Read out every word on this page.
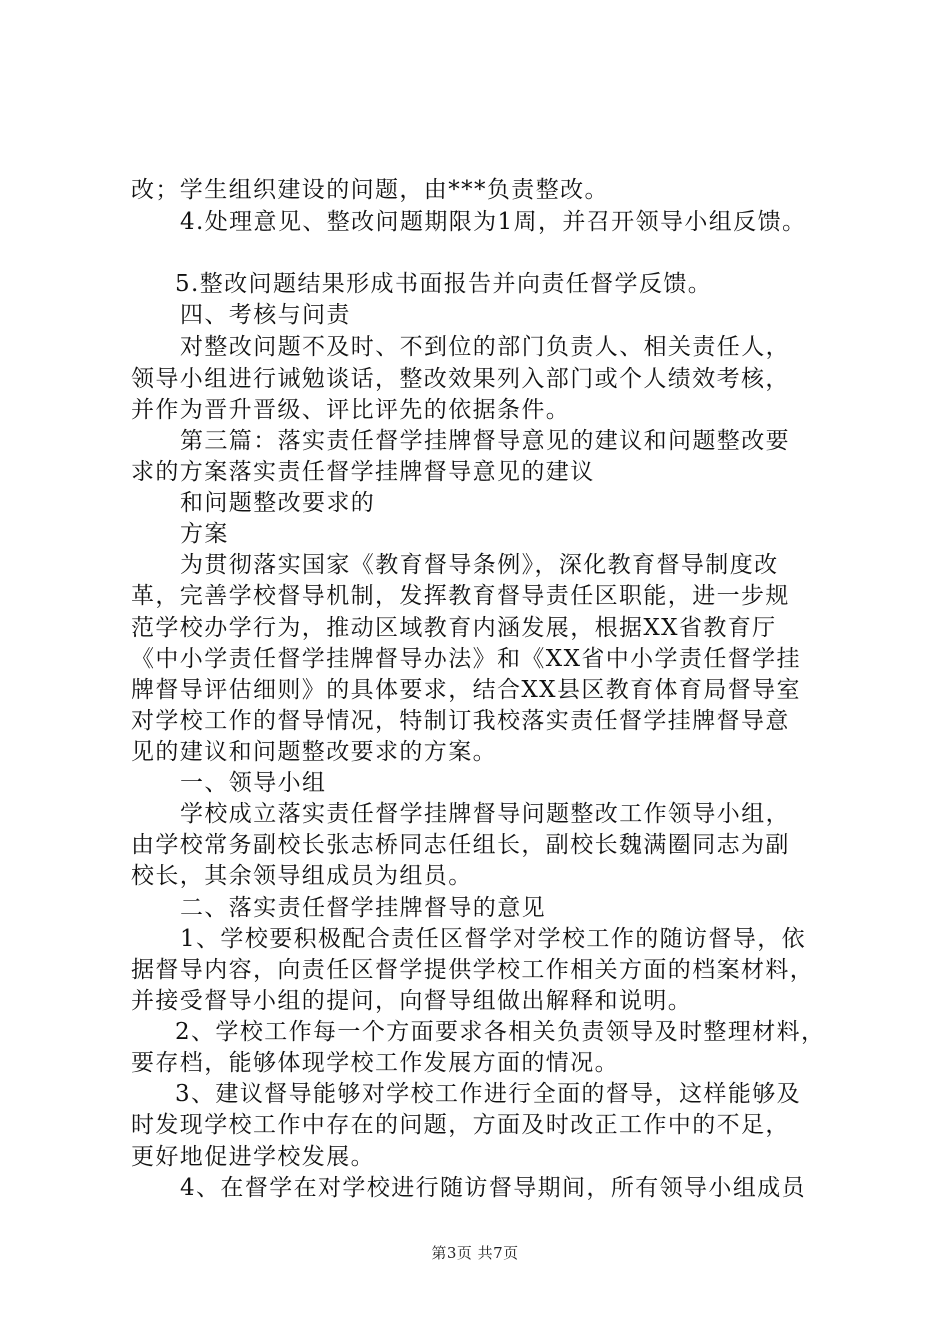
改；学生组织建设的问题，由***负责整改。
4.处理意见、整改问题期限为1周，并召开领导小组反馈。
5.整改问题结果形成书面报告并向责任督学反馈。
四、考核与问责
对整改问题不及时、不到位的部门负责人、相关责任人，
领导小组进行诫勉谈话，整改效果列入部门或个人绩效考核，
并作为晋升晋级、评比评先的依据条件。
第三篇：落实责任督学挂牌督导意见的建议和问题整改要
求的方案落实责任督学挂牌督导意见的建议
和问题整改要求的
方案
为贯彻落实国家《教育督导条例》，深化教育督导制度改
革，完善学校督导机制，发挥教育督导责任区职能，进一步规
范学校办学行为，推动区域教育内涵发展，根据XX省教育厅
《中小学责任督学挂牌督导办法》和《XX省中小学责任督学挂
牌督导评估细则》的具体要求，结合XX县区教育体育局督导室
对学校工作的督导情况，特制订我校落实责任督学挂牌督导意
见的建议和问题整改要求的方案。
一、领导小组
学校成立落实责任督学挂牌督导问题整改工作领导小组，
由学校常务副校长张志桥同志任组长，副校长魏满圈同志为副
校长，其余领导组成员为组员。
二、落实责任督学挂牌督导的意见
1、学校要积极配合责任区督学对学校工作的随访督导，依
据督导内容，向责任区督学提供学校工作相关方面的档案材料，
并接受督导小组的提问，向督导组做出解释和说明。
2、学校工作每一个方面要求各相关负责领导及时整理材料，
要存档，能够体现学校工作发展方面的情况。
3、建议督导能够对学校工作进行全面的督导，这样能够及
时发现学校工作中存在的问题，方面及时改正工作中的不足，
更好地促进学校发展。
4、在督学在对学校进行随访督导期间，所有领导小组成员
第3页 共7页
